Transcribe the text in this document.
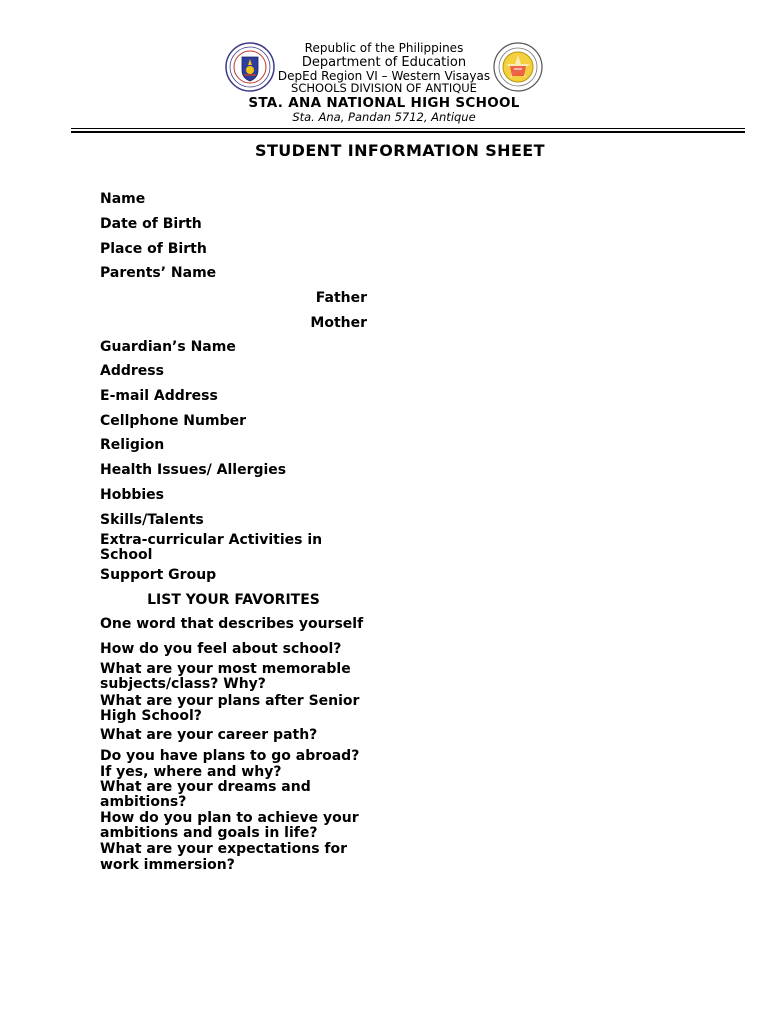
Republic of the Philippines
Department of Education
DepEd Region VI – Western Visayas
SCHOOLS DIVISION OF ANTIQUE
STA. ANA NATIONAL HIGH SCHOOL
Sta. Ana, Pandan 5712, Antique
STUDENT INFORMATION SHEET
Name
Date of Birth
Place of Birth
Parents’ Name
Father
Mother
Guardian’s Name
Address
E-mail Address
Cellphone Number
Religion
Health Issues/ Allergies
Hobbies
Skills/Talents
Extra-curricular Activities in
School
Support Group
LIST YOUR FAVORITES
One word that describes yourself
How do you feel about school?
What are your most memorable
subjects/class? Why?
What are your plans after Senior
High School?
What are your career path?
Do you have plans to go abroad?
If yes, where and why?
What are your dreams and
ambitions?
How do you plan to achieve your
ambitions and goals in life?
What are your expectations for
work immersion?
